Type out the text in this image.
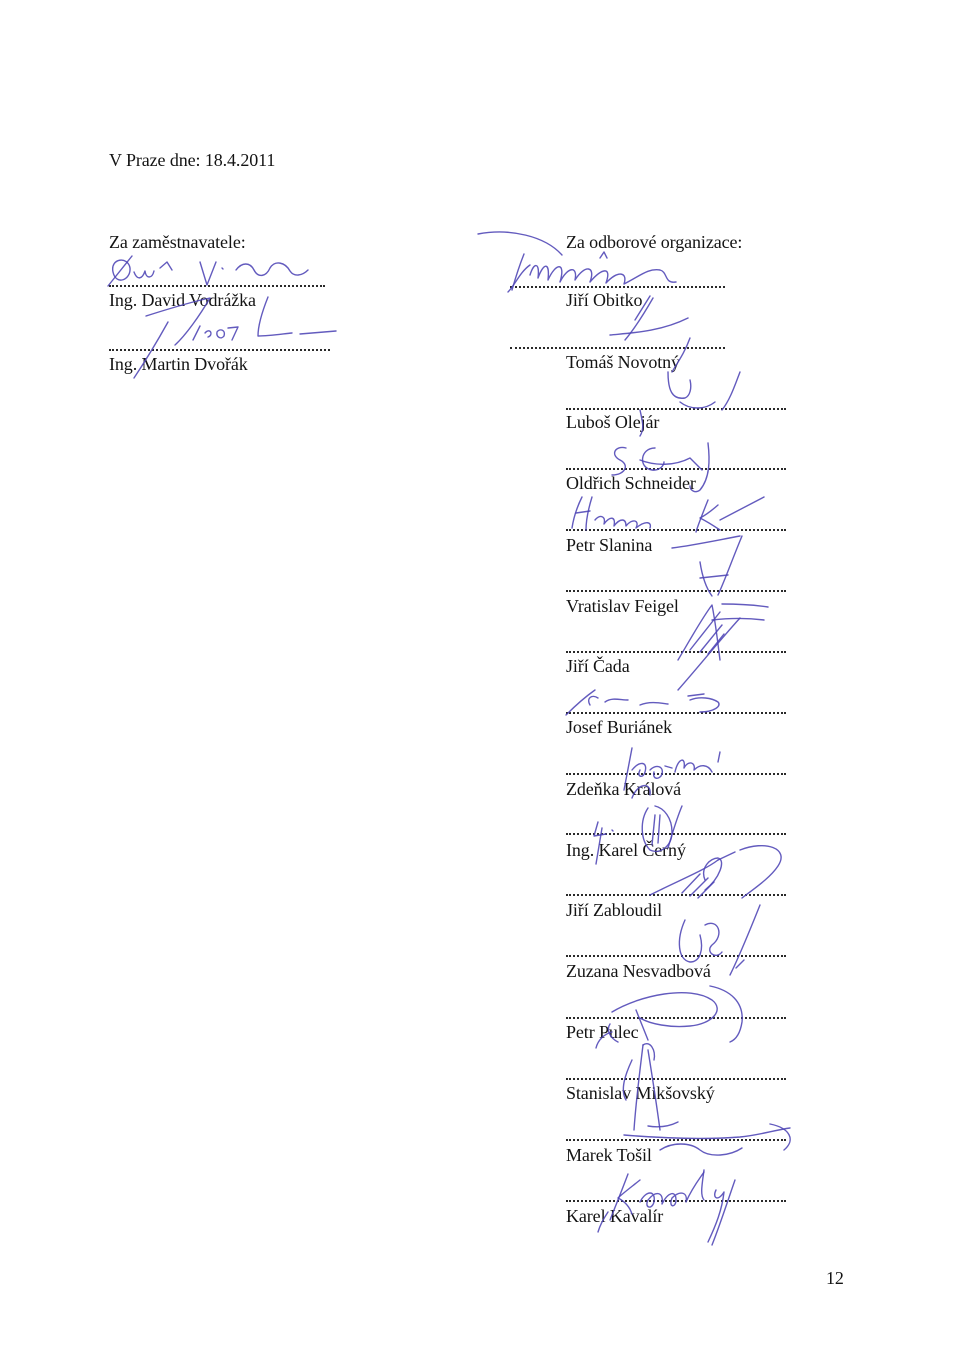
V Praze dne: 18.4.2011
Za zaměstnavatele:
Ing. David Vodrážka
Ing. Martin Dvořák
Za odborové organizace:
Jiří Obitko
Tomáš Novotný
Luboš Olejár
Oldřich Schneider
Petr Slanina
Vratislav Feigel
Jiří Čada
Josef Buriánek
Zdeňka Králová
Ing. Karel Černý
Jiří Zabloudil
Zuzana Nesvadbová
Petr Pulec
Stanislav Mikšovský
Marek Tošil
Karel Kavalír
12
